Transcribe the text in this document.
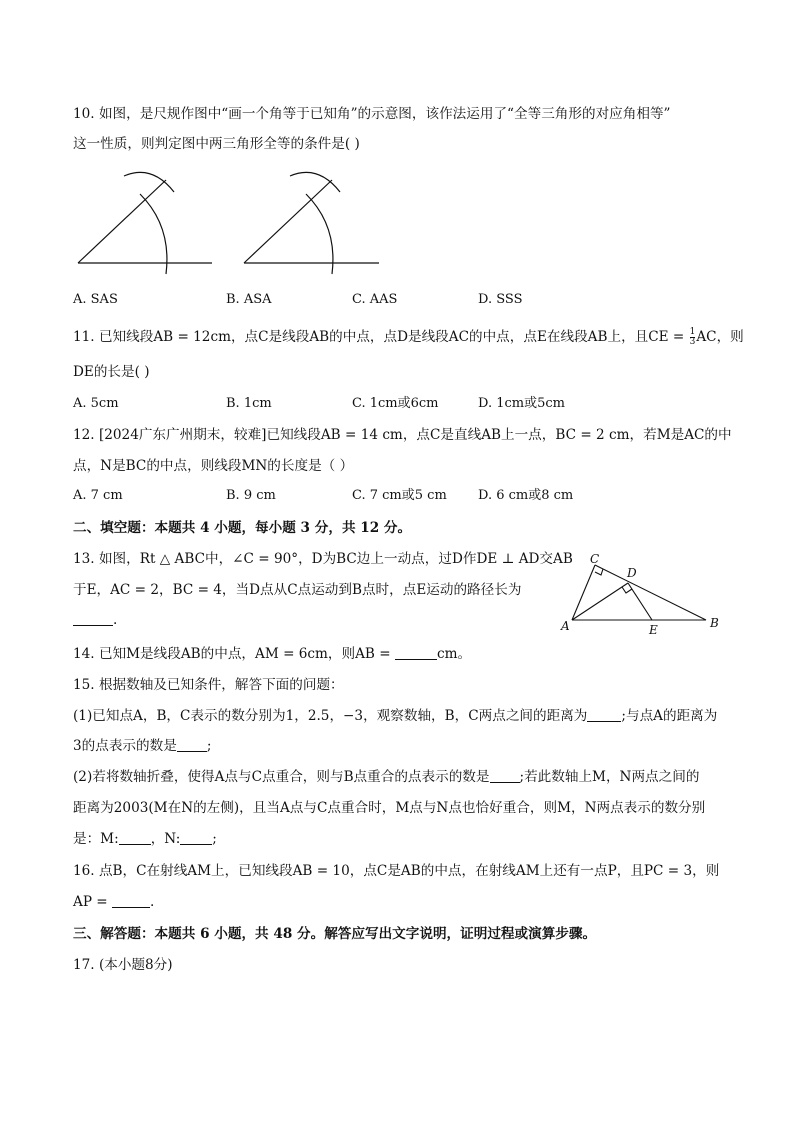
10. 如图，是尺规作图中“画一个角等于已知角”的示意图，该作法运用了“全等三角形的对应角相等”
这一性质，则判定图中两三角形全等的条件是( )
A. SAS	B. ASA	C. AAS	D. SSS
11. 已知线段AB = 12cm，点C是线段AB的中点，点D是线段AC的中点，点E在线段AB上，且CE = $\frac{1}{3}$ AC，则
DE的长是( )
A. 5cm	B. 1cm	C. 1cm或6cm	D. 1cm或5cm
12. [2024广东广州期末，较难]已知线段AB = 14 cm，点C是直线AB上一点，BC = 2 cm，若M是AC的中
点，N是BC的中点，则线段MN的长度是（ ）
A. 7 cm	B. 9 cm	C. 7 cm或5 cm D. 6 cm或8 cm
二、填空题：本题共 4 小题，每小题 3 分，共 12 分。
13. 如图，Rt △ ABC中，∠C = 90°，D为BC边上一动点，过D作DE ⊥ AD交AB
于E，AC = 2，BC = 4，当D点从C点运动到B点时，点E运动的路径长为
.
C
D
A	E	B
14. 已知M是线段AB的中点，AM = 6cm，则AB =	cm。
15. 根据数轴及已知条件，解答下面的问题：
(1)已知点A，B，C表示的数分别为1，2.5，−3，观察数轴，B，C两点之间的距离为	;与点A的距离为
3的点表示的数是 ;
(2)若将数轴折叠，使得A点与C点重合，则与B点重合的点表示的数是 ;若此数轴上M，N两点之间的
距离为2003(M在N的左侧)，且当A点与C点重合时，M点与N点也恰好重合，则M，N两点表示的数分别
是：M: ，N: ;
16. 点B，C在射线AM上，已知线段AB = 10，点C是AB的中点，在射线AM上还有一点P，且PC = 3，则
AP =	.
三、解答题：本题共 6 小题，共 48 分。解答应写出文字说明，证明过程或演算步骤。
17. (本小题8分)
